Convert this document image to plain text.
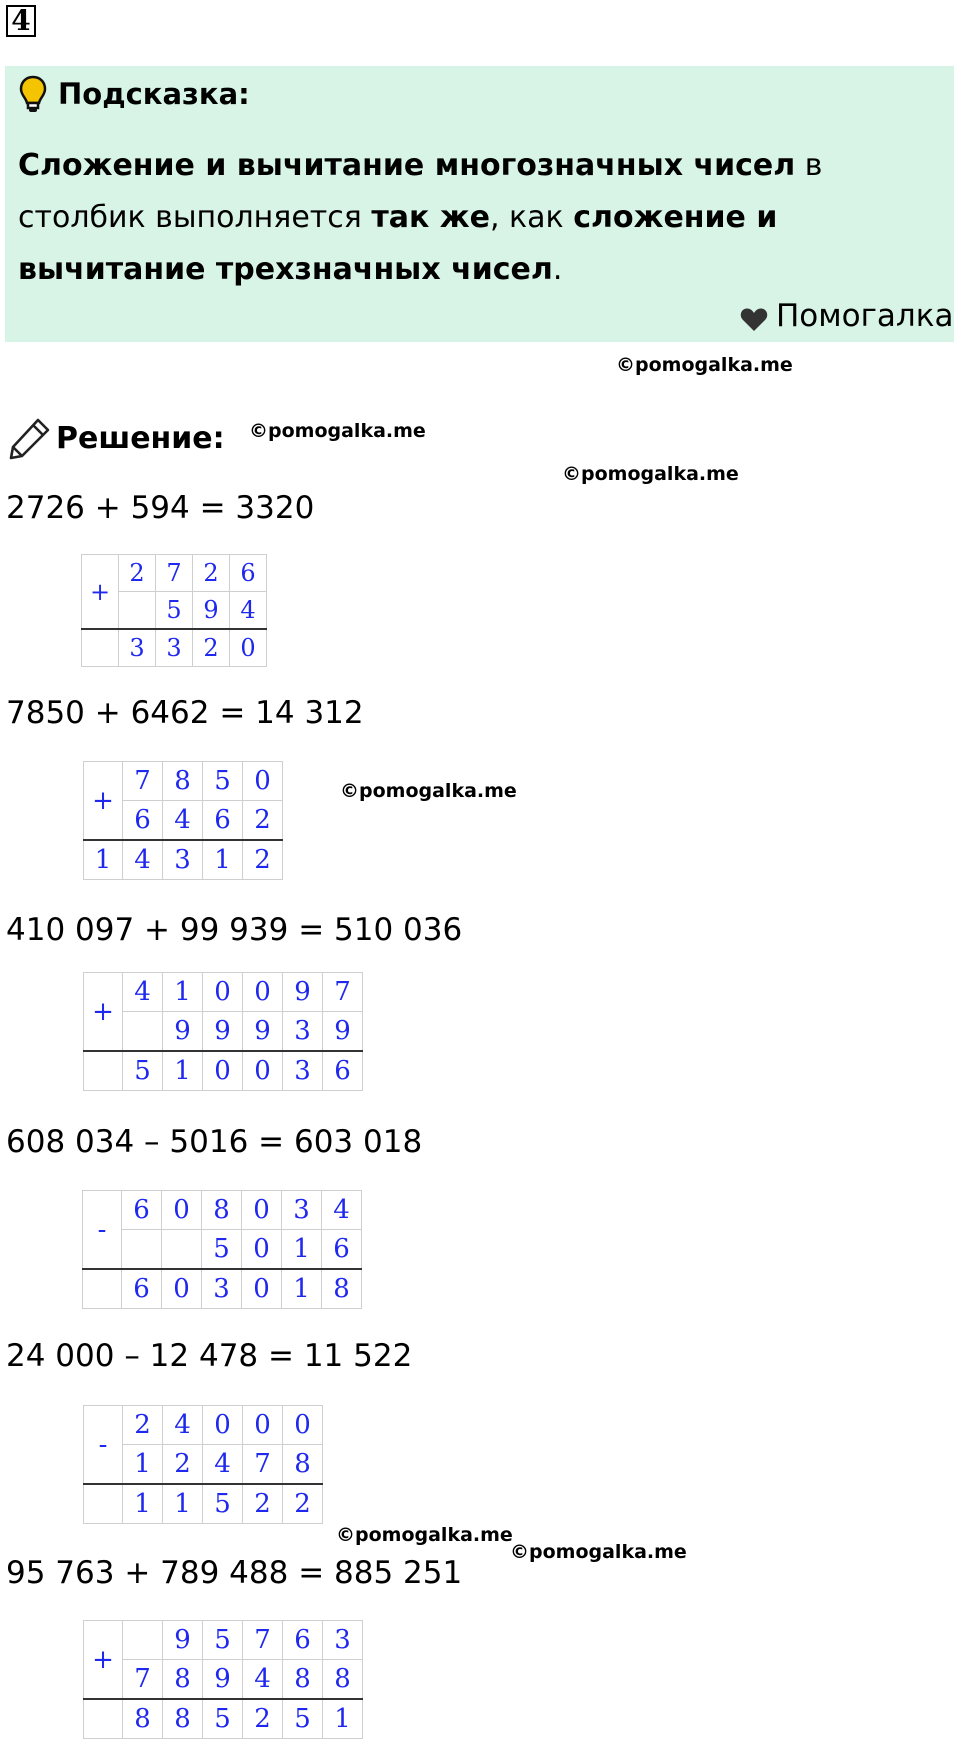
4
Подсказка:
Сложение и вычитание многозначных чисел в столбик выполняется так же, как сложение и вычитание трехзначных чисел.
Помогалка
©pomogalka.me
©pomogalka.me
©pomogalka.me
©pomogalka.me
©pomogalka.me
©pomogalka.me
Решение:
2726 + 594 = 3320
+	2	7	2	6
		5	9	4
	3	3	2	0
7850 + 6462 = 14 312
+	7	8	5	0
	6	4	6	2
1	4	3	1	2
410 097 + 99 939 = 510 036
+	4	1	0	0	9	7
		9	9	9	3	9
	5	1	0	0	3	6
608 034 – 5016 = 603 018
-	6	0	8	0	3	4
			5	0	1	6
	6	0	3	0	1	8
24 000 – 12 478 = 11 522
-	2	4	0	0	0
	1	2	4	7	8
	1	1	5	2	2
95 763 + 789 488 = 885 251
+		9	5	7	6	3
	7	8	9	4	8	8
	8	8	5	2	5	1
